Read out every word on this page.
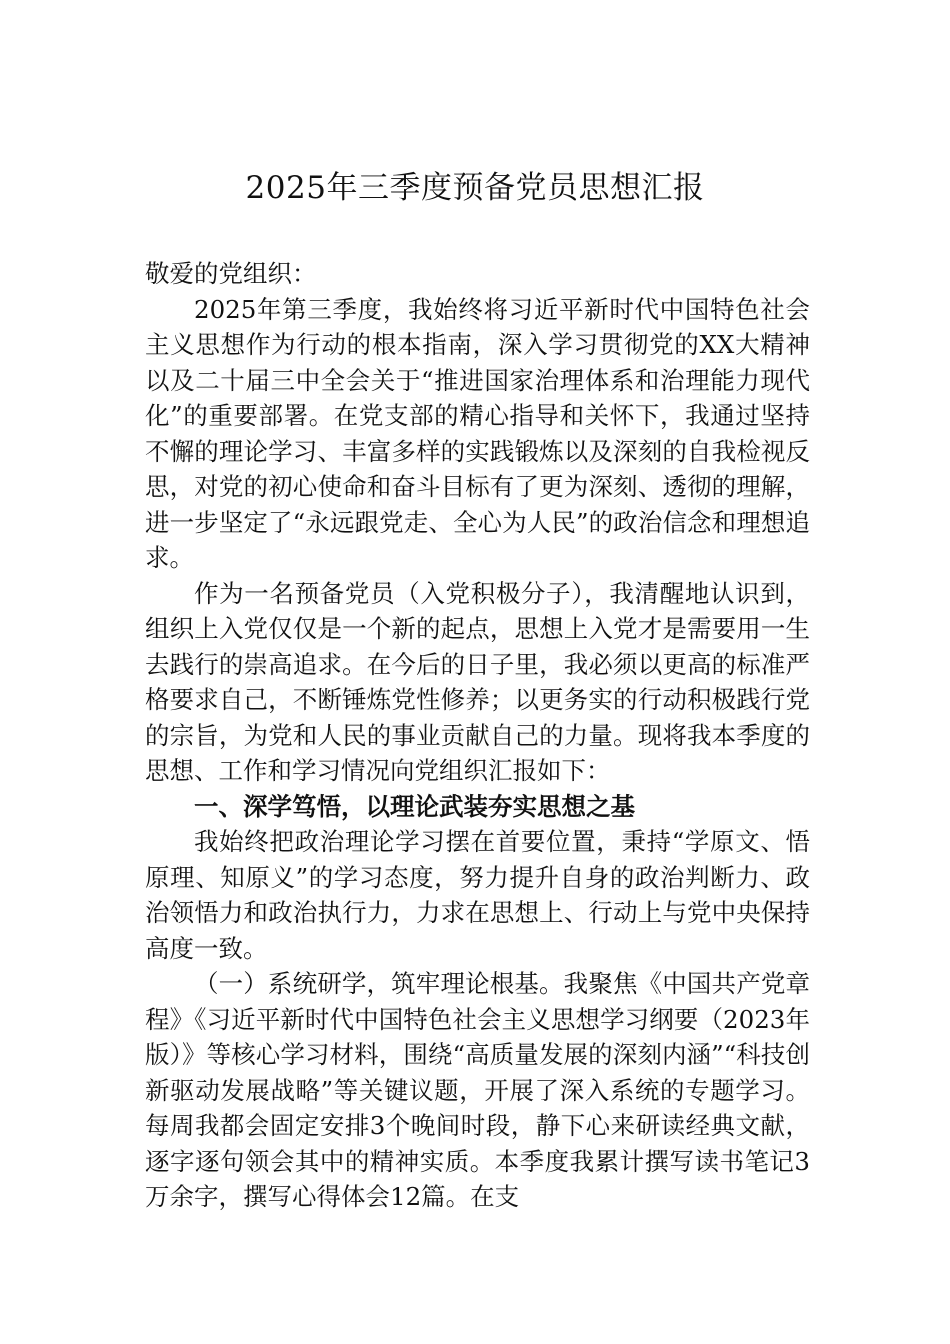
2025年三季度预备党员思想汇报

敬爱的党组织：

2025年第三季度，我始终将习近平新时代中国特色社会主义思想作为行动的根本指南，深入学习贯彻党的XX大精神以及二十届三中全会关于“推进国家治理体系和治理能力现代化”的重要部署。在党支部的精心指导和关怀下，我通过坚持不懈的理论学习、丰富多样的实践锻炼以及深刻的自我检视反思，对党的初心使命和奋斗目标有了更为深刻、透彻的理解，进一步坚定了“永远跟党走、全心为人民”的政治信念和理想追求。

作为一名预备党员（入党积极分子），我清醒地认识到，组织上入党仅仅是一个新的起点，思想上入党才是需要用一生去践行的崇高追求。在今后的日子里，我必须以更高的标准严格要求自己，不断锤炼党性修养；以更务实的行动积极践行党的宗旨，为党和人民的事业贡献自己的力量。现将我本季度的思想、工作和学习情况向党组织汇报如下：

一、深学笃悟，以理论武装夯实思想之基

我始终把政治理论学习摆在首要位置，秉持“学原文、悟原理、知原义”的学习态度，努力提升自身的政治判断力、政治领悟力和政治执行力，力求在思想上、行动上与党中央保持高度一致。

（一）系统研学，筑牢理论根基。我聚焦《中国共产党章程》《习近平新时代中国特色社会主义思想学习纲要（2023年版）》等核心学习材料，围绕“高质量发展的深刻内涵”“科技创新驱动发展战略”等关键议题，开展了深入系统的专题学习。每周我都会固定安排3个晚间时段，静下心来研读经典文献，逐字逐句领会其中的精神实质。本季度我累计撰写读书笔记3万余字，撰写心得体会12篇。在支
